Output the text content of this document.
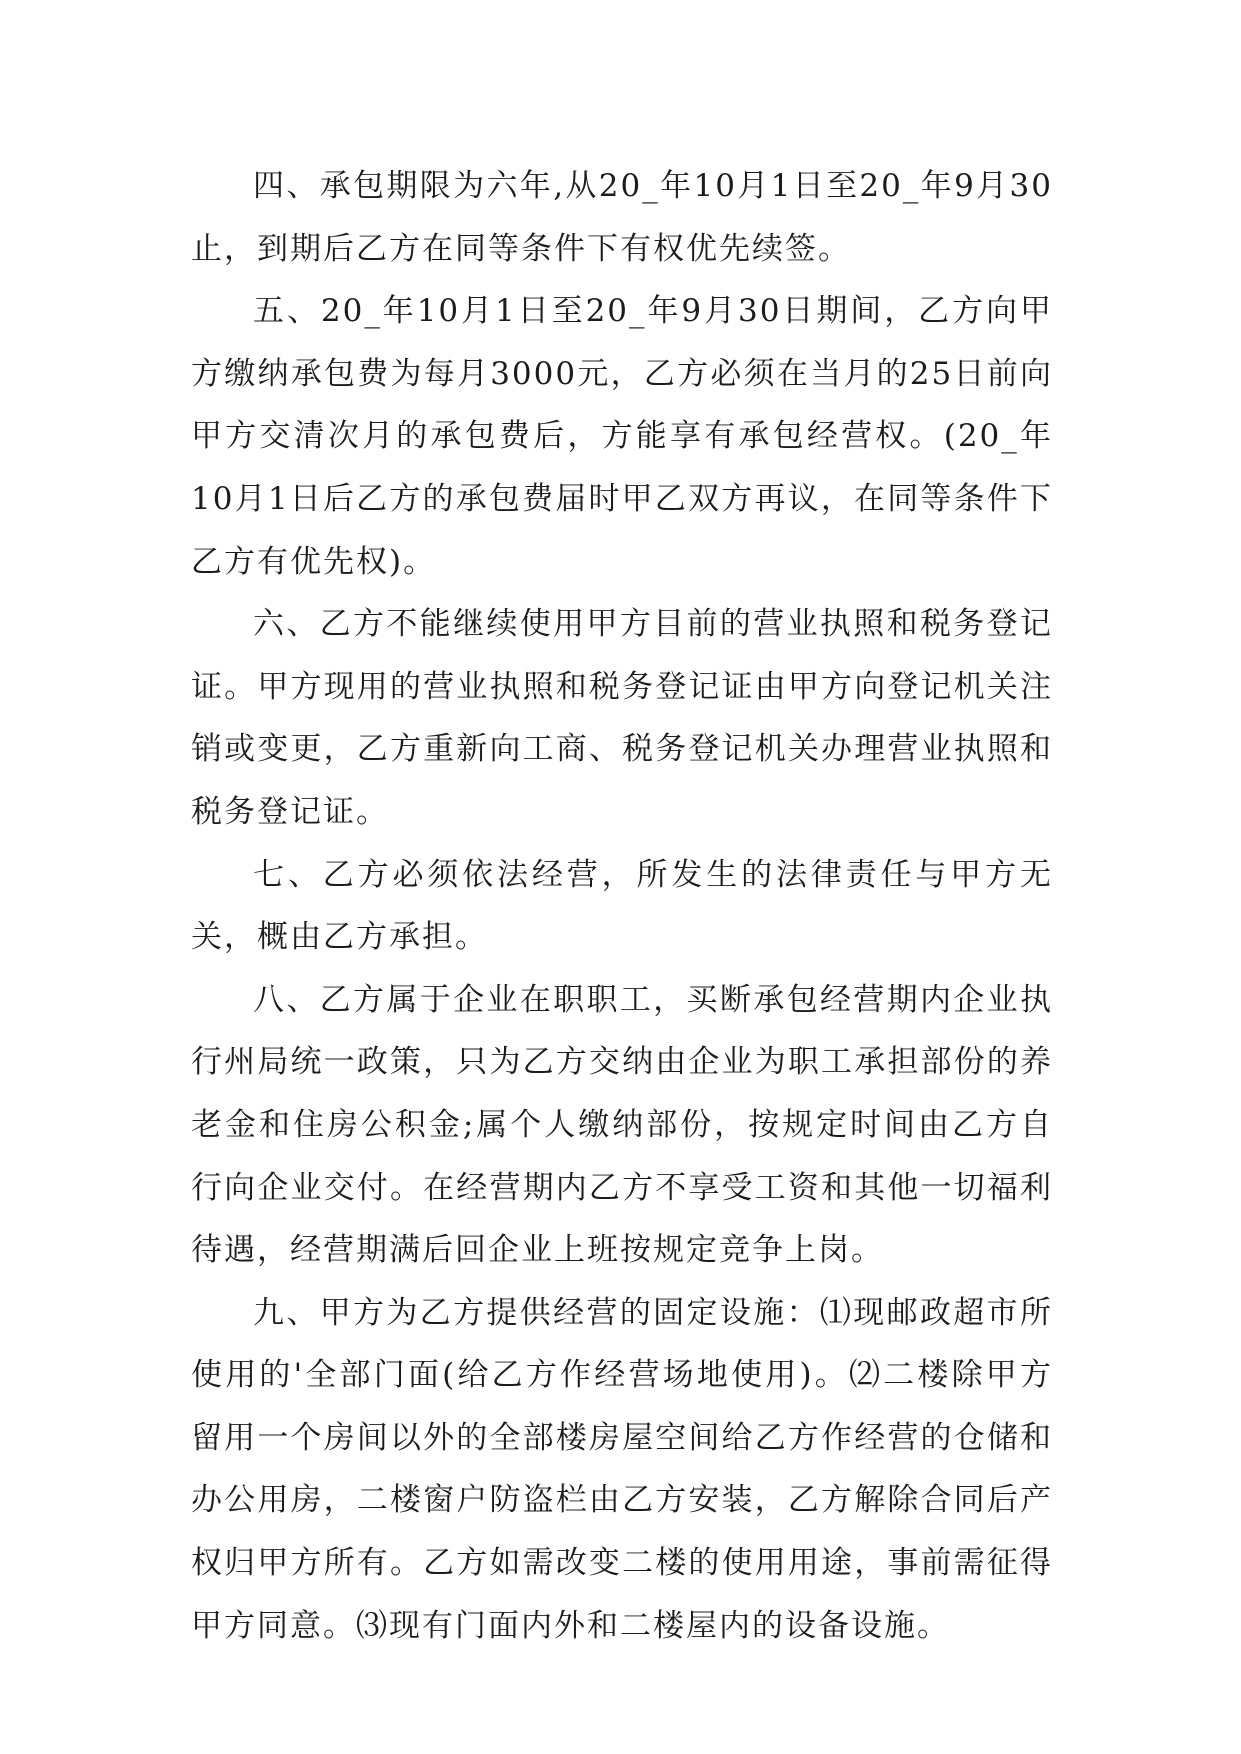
四、承包期限为六年,从20_年10月1日至20_年9月30止，到期后乙方在同等条件下有权优先续签。

五、20_年10月1日至20_年9月30日期间，乙方向甲方缴纳承包费为每月3000元，乙方必须在当月的25日前向甲方交清次月的承包费后，方能享有承包经营权。(20_年10月1日后乙方的承包费届时甲乙双方再议，在同等条件下乙方有优先权)。

六、乙方不能继续使用甲方目前的营业执照和税务登记证。甲方现用的营业执照和税务登记证由甲方向登记机关注销或变更，乙方重新向工商、税务登记机关办理营业执照和税务登记证。

七、乙方必须依法经营，所发生的法律责任与甲方无关，概由乙方承担。

八、乙方属于企业在职职工，买断承包经营期内企业执行州局统一政策，只为乙方交纳由企业为职工承担部份的养老金和住房公积金;属个人缴纳部份，按规定时间由乙方自行向企业交付。在经营期内乙方不享受工资和其他一切福利待遇，经营期满后回企业上班按规定竞争上岗。

九、甲方为乙方提供经营的固定设施：⑴现邮政超市所使用的'全部门面(给乙方作经营场地使用)。⑵二楼除甲方留用一个房间以外的全部楼房屋空间给乙方作经营的仓储和办公用房，二楼窗户防盗栏由乙方安装，乙方解除合同后产权归甲方所有。乙方如需改变二楼的使用用途，事前需征得甲方同意。⑶现有门面内外和二楼屋内的设备设施。
